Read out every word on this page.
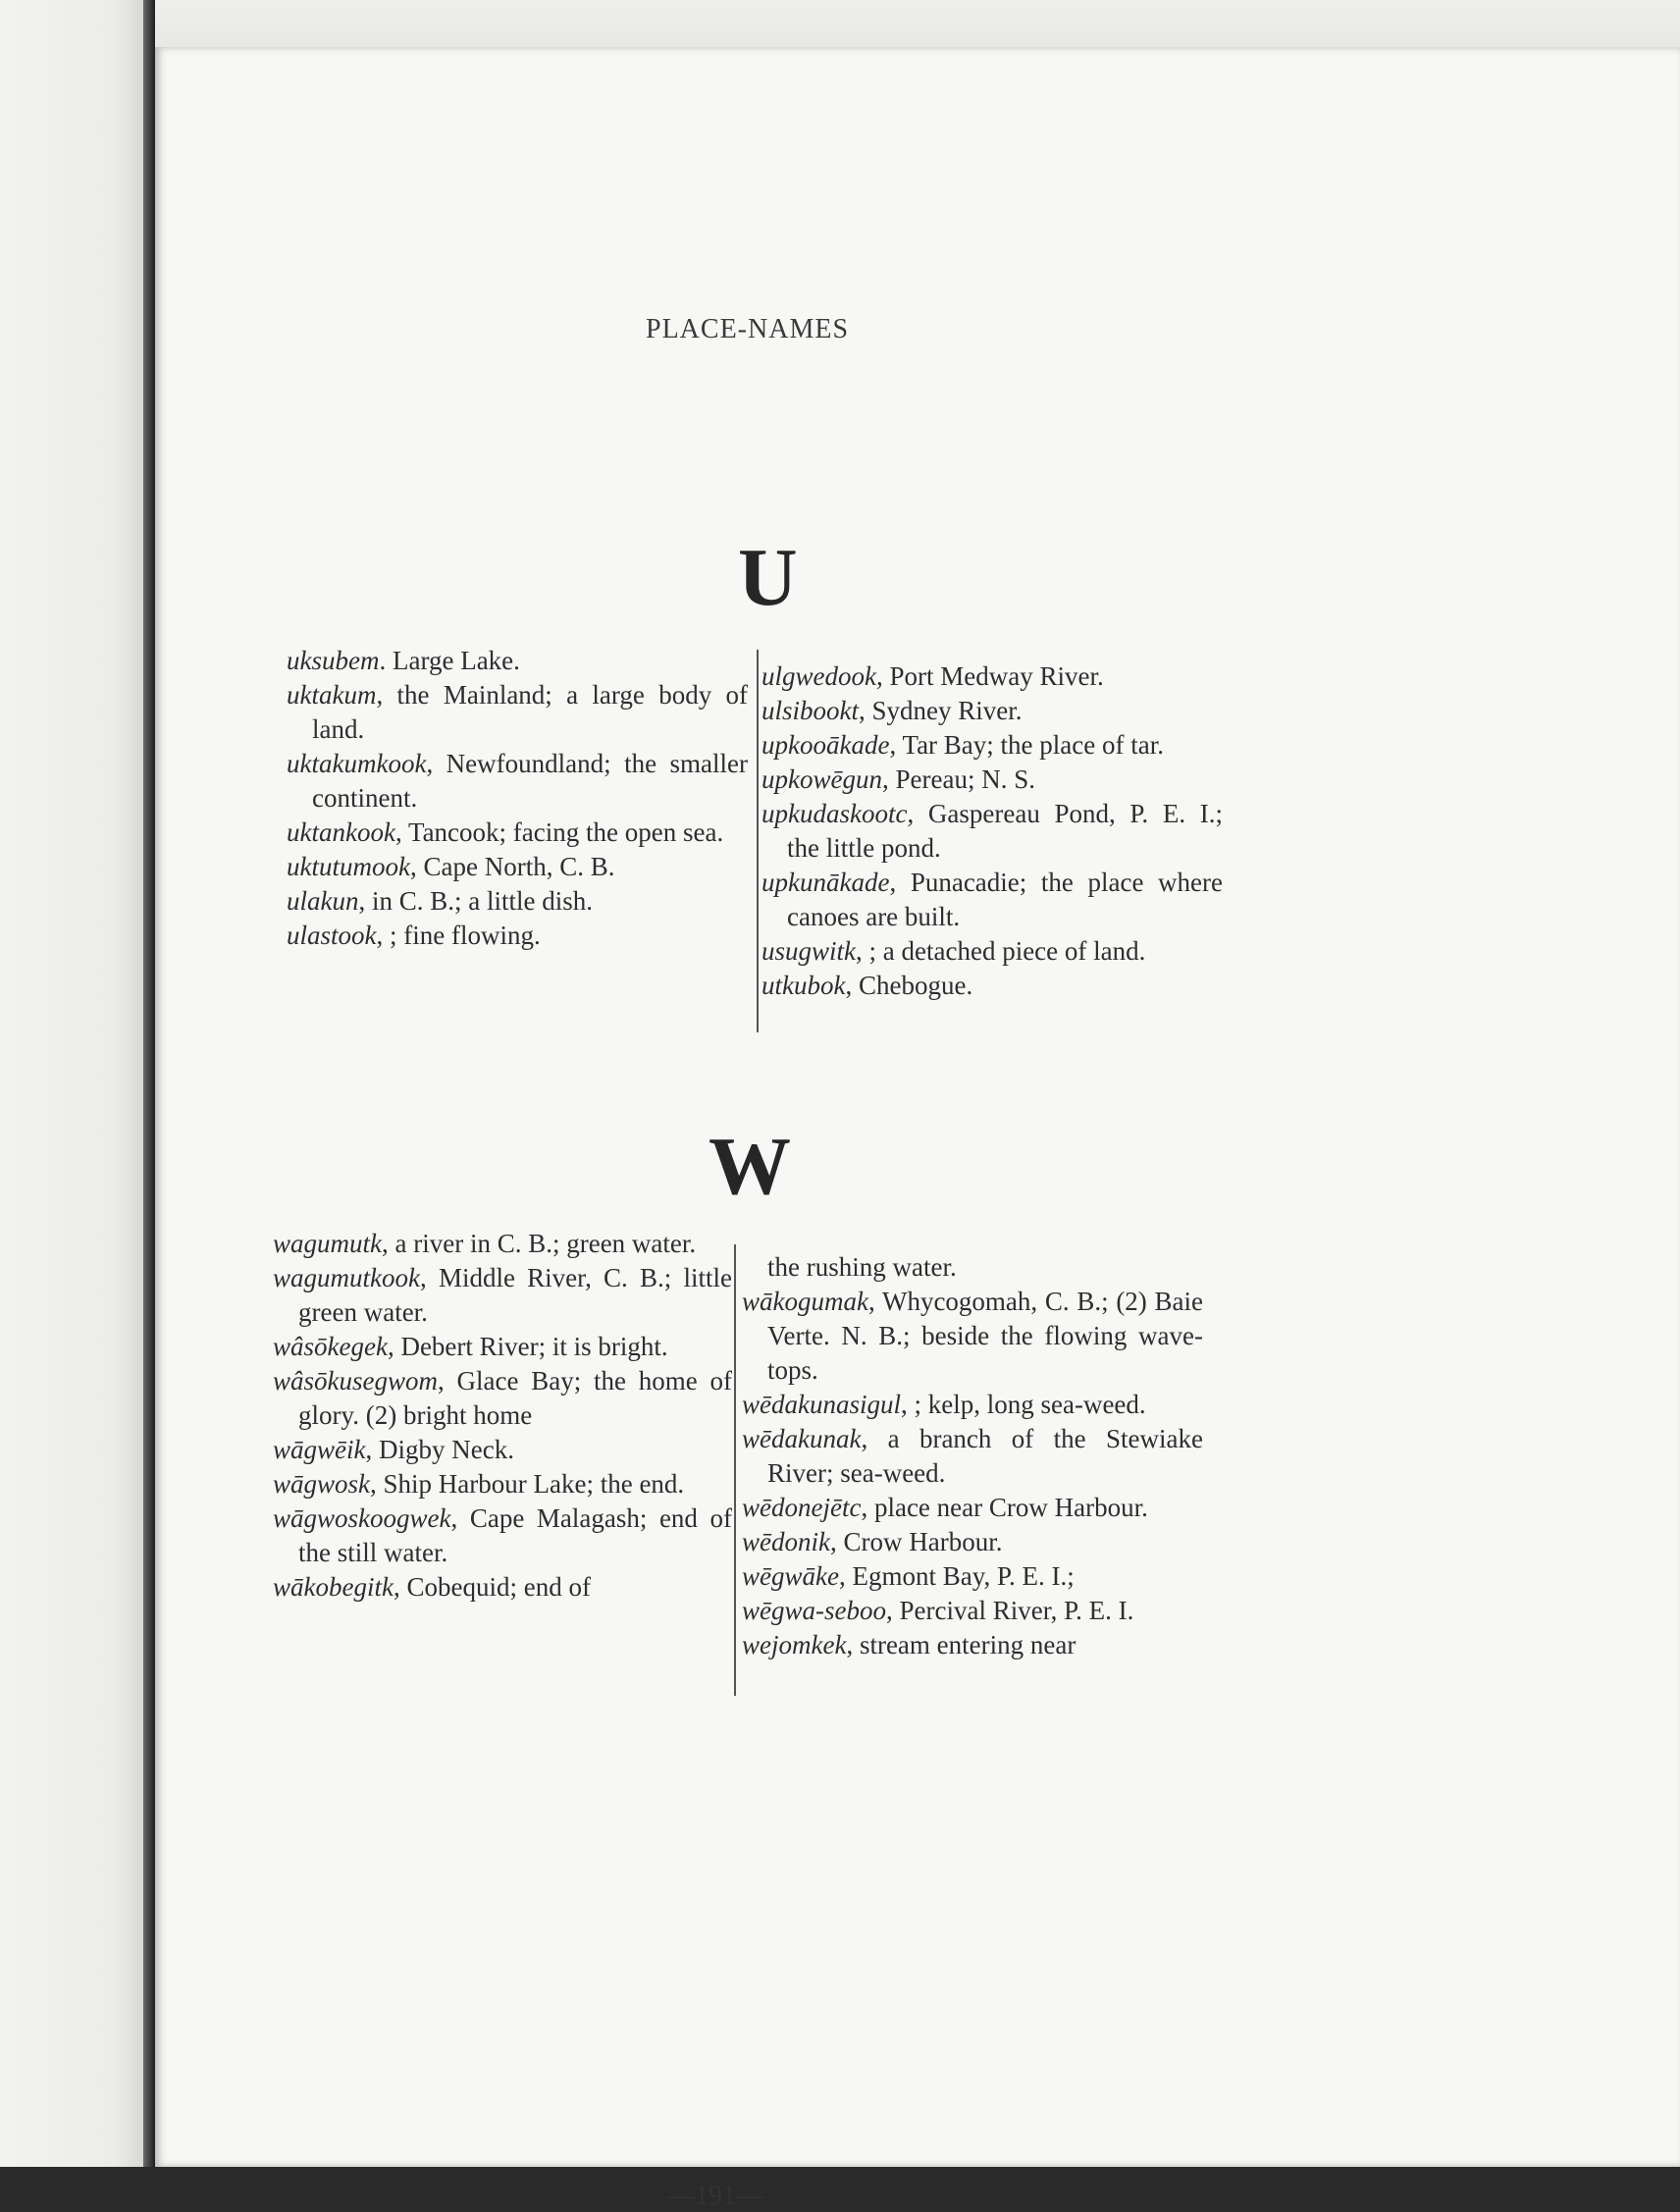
PLACE-NAMES
U

uksubem. Large Lake.

uktakum, the Mainland; a large body of land.

uktakumkook, Newfoundland; the smaller continent.

uktankook, Tancook; facing the open sea.

uktutumook, Cape North, C. B.

ulakun, in C. B.; a little dish.

ulastook, ; fine flowing.

ulgwedook, Port Medway River.

ulsibookt, Sydney River.

upkooākade, Tar Bay; the place of tar.

upkowēgun, Pereau; N. S.

upkudaskootc, Gaspereau Pond, P. E. I.; the little pond.

upkunākade, Punacadie; the place where canoes are built.

usugwitk, ; a detached piece of land.

utkubok, Chebogue.

W

wagumutk, a river in C. B.; green water.

wagumutkook, Middle River, C. B.; little green water.

wâsōkegek, Debert River; it is bright.

wâsōkusegwom, Glace Bay; the home of glory. (2) bright home

wāgwēik, Digby Neck.

wāgwosk, Ship Harbour Lake; the end.

wāgwoskoogwek, Cape Malagash; end of the still water.

wākobegitk, Cobequid; end of

the rushing water.

wākogumak, Whycogomah, C. B.; (2) Baie Verte. N. B.; beside the flowing wave-tops.

wēdakunasigul, ; kelp, long sea-weed.

wēdakunak, a branch of the Stewiake River; sea-weed.

wēdonejētc, place near Crow Harbour.

wēdonik, Crow Harbour.

wēgwāke, Egmont Bay, P. E. I.;

wēgwa-seboo, Percival River, P. E. I.

wejomkek, stream entering near

—191—
